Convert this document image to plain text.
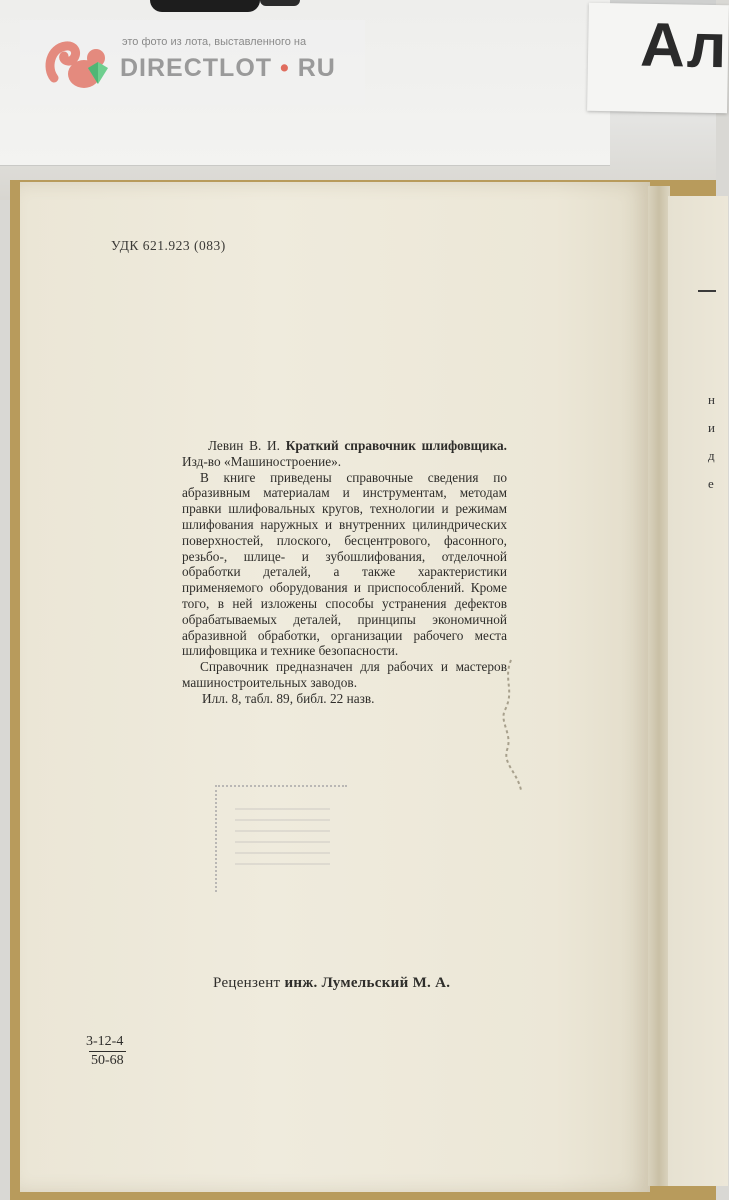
Ал
это фото из лота, выставленного на
DIRECTLOT • RU
н
и
д
е
УДК 621.923 (083)

Левин В. И. Краткий справочник шлифовщика. Изд-во «Машиностроение».

В книге приведены справочные сведения по абразивным материалам и инструментам, методам правки шлифовальных кругов, технологии и режимам шлифования наружных и внутренних цилиндрических поверхностей, плоского, бесцентрового, фасонного, резьбо-, шлице- и зубошлифования, отделочной обработки деталей, а также характеристики применяемого оборудования и приспособлений. Кроме того, в ней изложены способы устранения дефектов обрабатываемых деталей, принципы экономичной абразивной обработки, организации рабочего места шлифовщика и технике безопасности.

Справочник предназначен для рабочих и мастеров машиностроительных заводов.

Илл. 8, табл. 89, библ. 22 назв.

Рецензент инж. Лумельский М. А.
3-12-4
50-68
